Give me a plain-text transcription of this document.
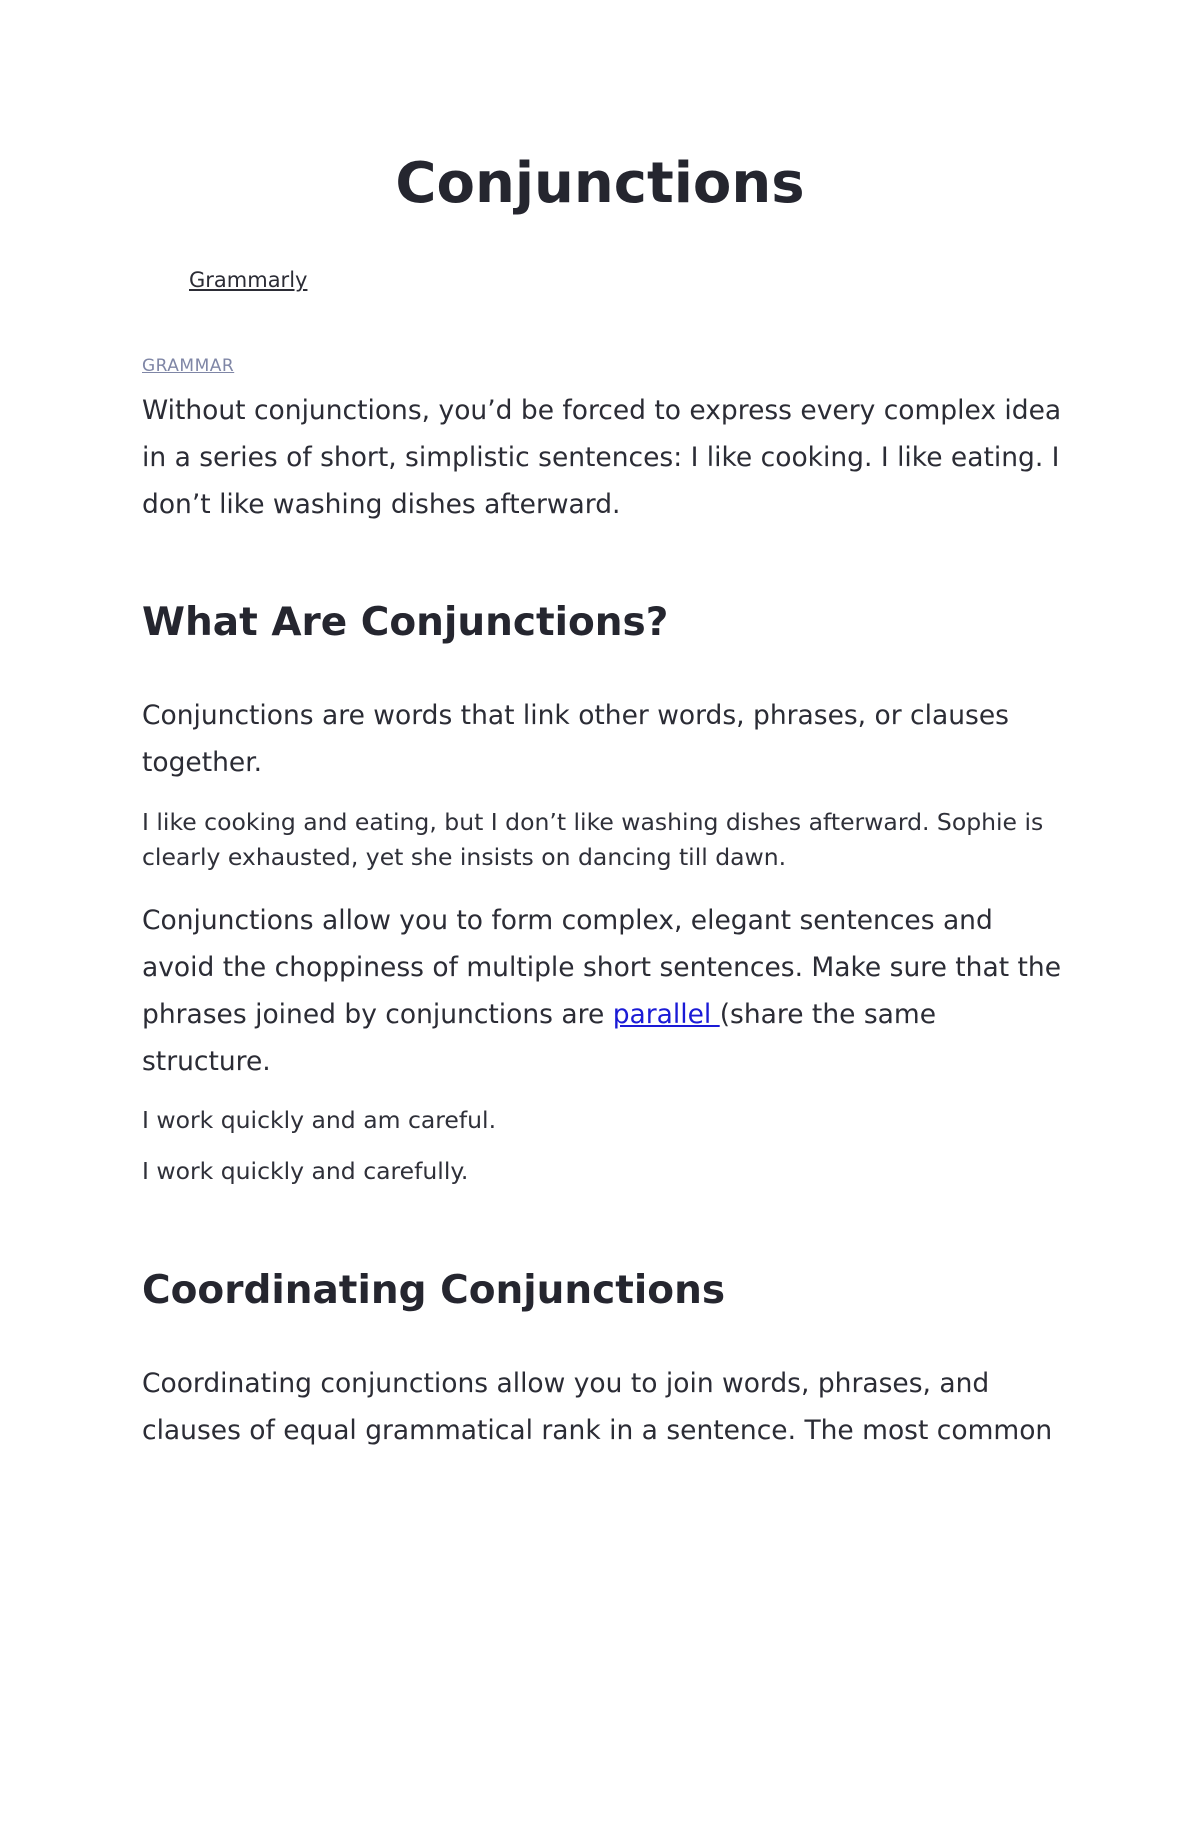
Conjunctions
Grammarly
GRAMMAR

Without conjunctions, you’d be forced to express every complex idea in a series of short, simplistic sentences: I like cooking. I like eating. I don’t like washing dishes afterward.

What Are Conjunctions?

Conjunctions are words that link other words, phrases, or clauses together.

I like cooking and eating, but I don’t like washing dishes afterward. Sophie is clearly exhausted, yet she insists on dancing till dawn.

Conjunctions allow you to form complex, elegant sentences and avoid the choppiness of multiple short sentences. Make sure that the phrases joined by conjunctions are parallel (share the same structure.

I work quickly and am careful.

I work quickly and carefully.

Coordinating Conjunctions

Coordinating conjunctions allow you to join words, phrases, and clauses of equal grammatical rank in a sentence. The most common
